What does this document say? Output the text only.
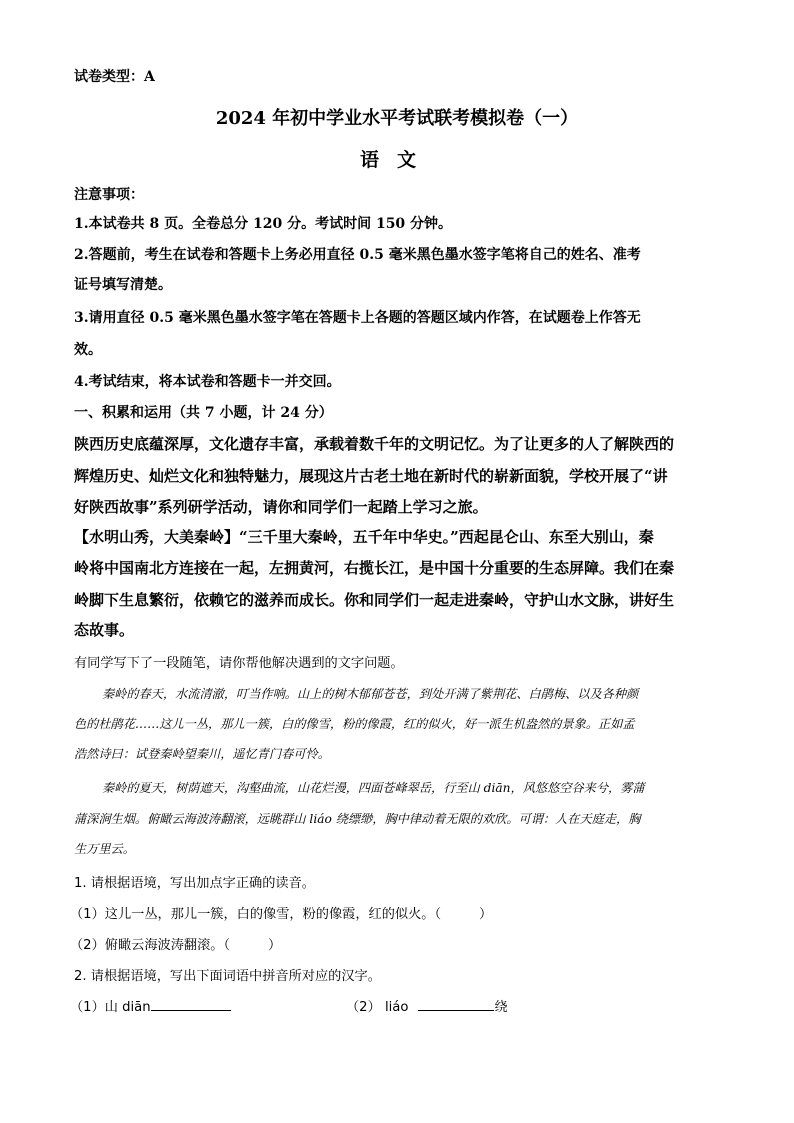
试卷类型：A
2024 年初中学业水平考试联考模拟卷（一）
语文
注意事项：
1.本试卷共 8 页。全卷总分 120 分。考试时间 150 分钟。
2.答题前，考生在试卷和答题卡上务必用直径 0.5 毫米黑色墨水签字笔将自己的姓名、准考
证号填写清楚。
3.请用直径 0.5 毫米黑色墨水签字笔在答题卡上各题的答题区域内作答，在试题卷上作答无
效。
4.考试结束，将本试卷和答题卡一并交回。
一、积累和运用（共 7 小题，计 24 分）
陕西历史底蕴深厚，文化遗存丰富，承载着数千年的文明记忆。为了让更多的人了解陕西的
辉煌历史、灿烂文化和独特魅力，展现这片古老土地在新时代的崭新面貌，学校开展了“讲
好陕西故事”系列研学活动，请你和同学们一起踏上学习之旅。
【水明山秀，大美秦岭】“三千里大秦岭，五千年中华史。”西起昆仑山、东至大别山，秦
岭将中国南北方连接在一起，左拥黄河，右揽长江，是中国十分重要的生态屏障。我们在秦
岭脚下生息繁衍，依赖它的滋养而成长。你和同学们一起走进秦岭，守护山水文脉，讲好生
态故事。
有同学写下了一段随笔，请你帮他解决遇到的文字问题。
秦岭的春天，水流清澈，叮当作响。山上的树木郁郁苍苍，到处开满了紫荆花、白鹃梅、以及各种颜
色的杜鹃花……这儿一丛，那儿一簇，白的像雪，粉的像霞，红的似火，好一派生机盎然的景象。正如孟
浩然诗曰：试登秦岭望秦川，遥忆青门春可怜。
秦岭的夏天，树荫遮天，沟壑曲流，山花烂漫，四面苍峰翠岳，行至山 diān，风悠悠空谷来兮，雾蒲
蒲深涧生烟。俯瞰云海波涛翻滚，远眺群山 liáo 绕缥缈，胸中律动着无限的欢欣。可谓：人在天庭走，胸
生万里云。
1. 请根据语境，写出加点字正确的读音。
（1）这儿一丛，那儿一簇，白的像雪，粉的像霞，红的似火。（	）
（2）俯瞰云海波涛翻滚。（	）
2. 请根据语境，写出下面词语中拼音所对应的汉字。
（1）山 diān	（2） liáo	绕
